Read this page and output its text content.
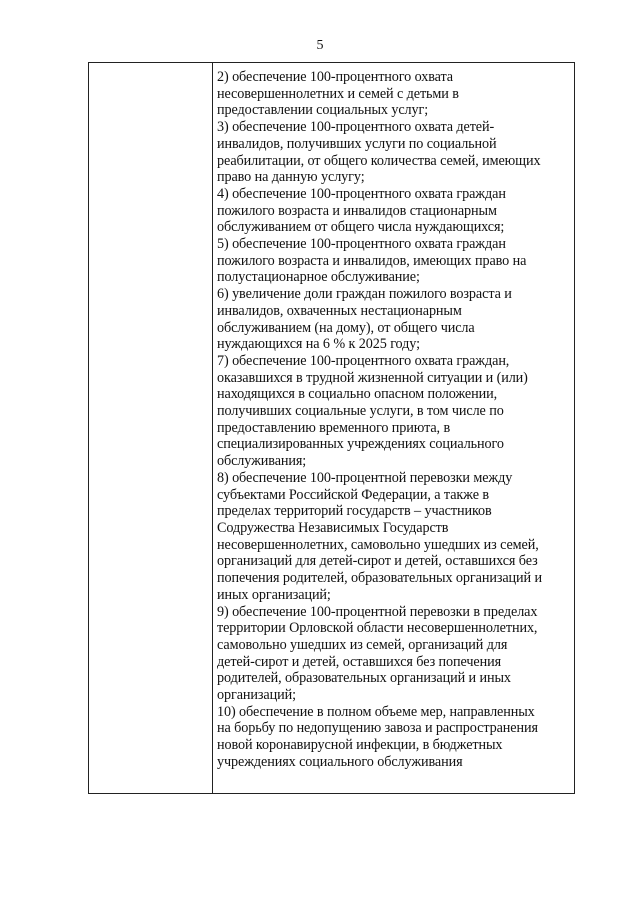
5
2) обеспечение 100-процентного охвата
несовершеннолетних и семей с детьми в
предоставлении социальных услуг;
3) обеспечение 100-процентного охвата детей-
инвалидов, получивших услуги по социальной
реабилитации, от общего количества семей, имеющих
право на данную услугу;
4) обеспечение 100-процентного охвата граждан
пожилого возраста и инвалидов стационарным
обслуживанием от общего числа нуждающихся;
5) обеспечение 100-процентного охвата граждан
пожилого возраста и инвалидов, имеющих право на
полустационарное обслуживание;
6) увеличение доли граждан пожилого возраста и
инвалидов, охваченных нестационарным
обслуживанием (на дому), от общего числа
нуждающихся на 6 % к 2025 году;
7) обеспечение 100-процентного охвата граждан,
оказавшихся в трудной жизненной ситуации и (или)
находящихся в социально опасном положении,
получивших социальные услуги, в том числе по
предоставлению временного приюта, в
специализированных учреждениях социального
обслуживания;
8) обеспечение 100-процентной перевозки между
субъектами Российской Федерации, а также в
пределах территорий государств – участников
Содружества Независимых Государств
несовершеннолетних, самовольно ушедших из семей,
организаций для детей-сирот и детей, оставшихся без
попечения родителей, образовательных организаций и
иных организаций;
9) обеспечение 100-процентной перевозки в пределах
территории Орловской области несовершеннолетних,
самовольно ушедших из семей, организаций для
детей-сирот и детей, оставшихся без попечения
родителей, образовательных организаций и иных
организаций;
10) обеспечение в полном объеме мер, направленных
на борьбу по недопущению завоза и распространения
новой коронавирусной инфекции, в бюджетных
учреждениях социального обслуживания
